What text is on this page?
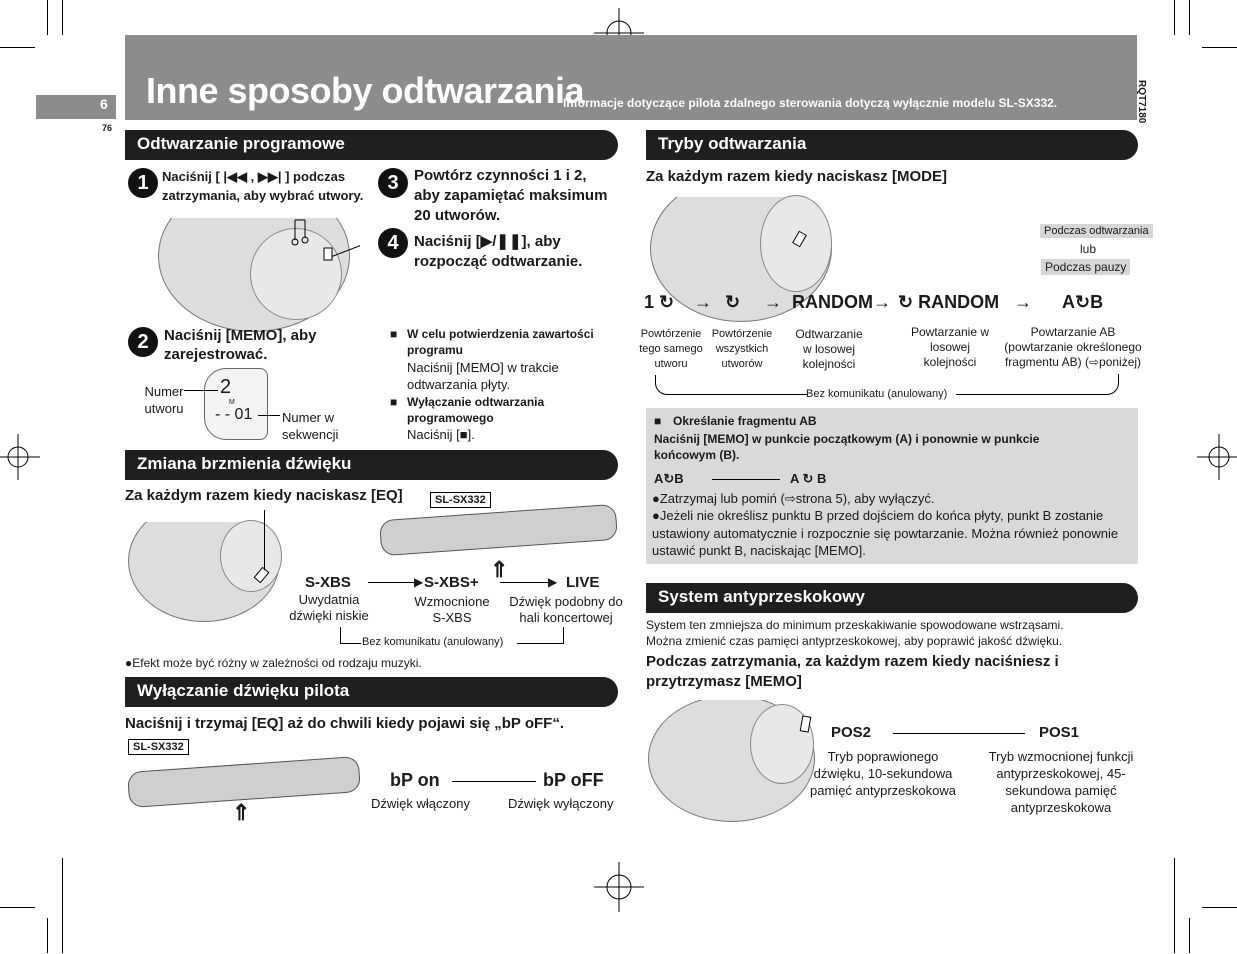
6
76
Inne sposoby odtwarzania
Informacje dotyczące pilota zdalnego sterowania dotyczą wyłącznie modelu SL-SX332.	RQT7180
Odtwarzanie programowe
1	Naciśnij [ |◀◀ , ▶▶| ] podczas zatrzymania, aby wybrać utwory.
3	Powtórz czynności 1 i 2, aby zapamiętać maksimum 20 utworów.
4	Naciśnij [▶/❚❚], aby rozpocząć odtwarzanie.
2	Naciśnij [MEMO], aby zarejestrować.
2
M
- - 01
Numer utworu
Numer w sekwencji
■ W celu potwierdzenia zawartości programu
Naciśnij [MEMO] w trakcie odtwarzania płyty.
■ Wyłączanie odtwarzania programowego
Naciśnij [■].
Zmiana brzmienia dźwięku
Za każdym razem kiedy naciskasz [EQ]	SL-SX332
⇑
S-XBS	▶ S-XBS+	▶ LIVE
Uwydatnia dźwięki niskie
Wzmocnione S-XBS
Dźwięk podobny do hali koncertowej
Bez komunikatu (anulowany)
●Efekt może być różny w zależności od rodzaju muzyki.
Wyłączanie dźwięku pilota
Naciśnij i trzymaj [EQ] aż do chwili kiedy pojawi się „bP oFF“.
SL-SX332
⇑
bP on	bP oFF
Dźwięk włączony	Dźwięk wyłączony
Tryby odtwarzania
Za każdym razem kiedy naciskasz [MODE]
Podczas odtwarzania
lub
Podczas pauzy
1 ↻ → ↻ → RANDOM → ↻ RANDOM → A↻B
Powtórzenie tego samego utworu
Powtórzenie wszystkich utworów
Odtwarzanie w losowej kolejności
Powtarzanie w losowej kolejności
Powtarzanie AB (powtarzanie określonego fragmentu AB) (⇨poniżej)
Bez komunikatu (anulowany)
■ Określanie fragmentu AB
Naciśnij [MEMO] w punkcie początkowym (A) i ponownie w punkcie końcowym (B).
A↻B	A ↻ B
●Zatrzymaj lub pomiń (⇨strona 5), aby wyłączyć.
●Jeżeli nie określisz punktu B przed dojściem do końca płyty, punkt B zostanie ustawiony automatycznie i rozpocznie się powtarzanie. Można również ponownie ustawić punkt B, naciskając [MEMO].
System antyprzeskokowy
System ten zmniejsza do minimum przeskakiwanie spowodowane wstrząsami.
Można zmienić czas pamięci antyprzeskokowej, aby poprawić jakość dźwięku.
Podczas zatrzymania, za każdym razem kiedy naciśniesz i przytrzymasz [MEMO]
POS2	POS1
Tryb poprawionego dźwięku, 10-sekundowa pamięć antyprzeskokowa
Tryb wzmocnionej funkcji antyprzeskokowej, 45-sekundowa pamięć antyprzeskokowa
